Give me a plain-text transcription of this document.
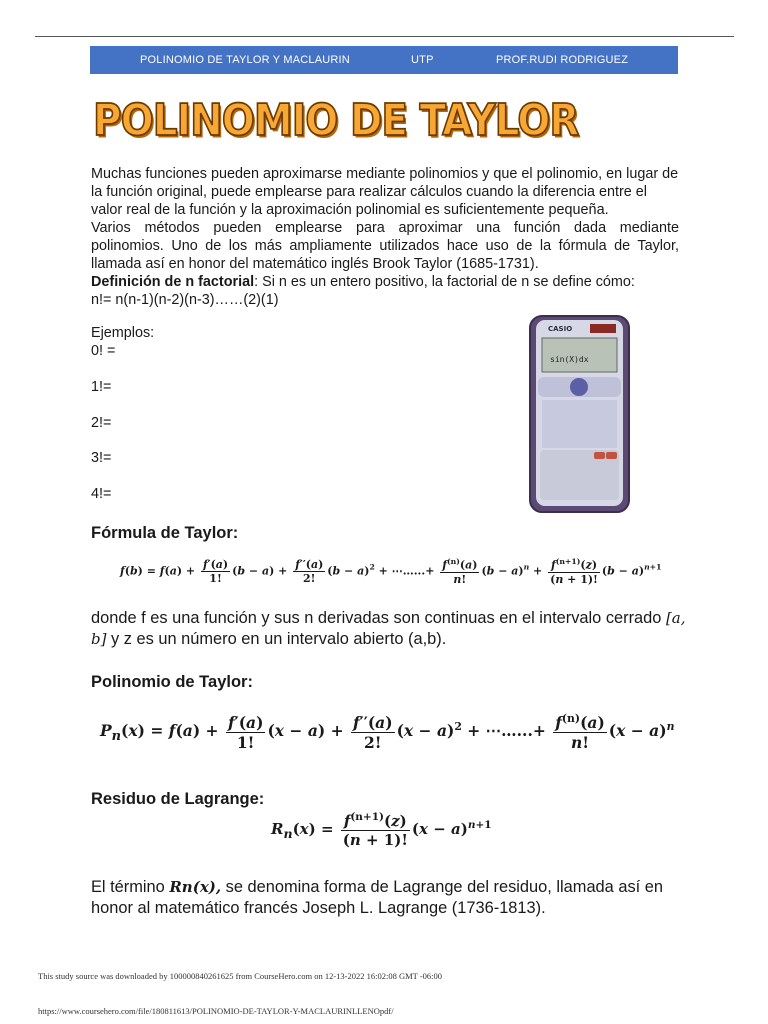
POLINOMIO DE TAYLOR Y MACLAURIN	UTP	PROF.RUDI RODRIGUEZ
POLINOMIO DE TAYLOR
Muchas funciones pueden aproximarse mediante polinomios y que el polinomio, en lugar de la función original, puede emplearse para realizar cálculos cuando la diferencia entre el valor real de la función y la aproximación polinomial es suficientemente pequeña.
Varios métodos pueden emplearse para aproximar una función dada mediante
polinomios. Uno de los más ampliamente utilizados hace uso de la fórmula de Taylor,
llamada así en honor del matemático inglés Brook Taylor (1685-1731).
Definición de n factorial: Si n es un entero positivo, la factorial de n se define cómo:
n!= n(n-1)(n-2)(n-3)……(2)(1)
Ejemplos:
0! =
1!=
2!=
3!=
4!=
CASIO
sin(X)dx
Fórmula de Taylor:
$f(b) = f(a) + \frac{f'(a)}{1!} (b - a) + \frac{f''(a)}{2!} (b - a)^2$ + ⋯…...+ $\frac{f^{(n)}(a)}{n!} (b - a)^n + \frac{f^{(n+1)}(z)}{(n + 1)!} (b - a)^{n+1}$
donde f es una función y sus n derivadas son continuas en el intervalo cerrado [a, b] y z es un número en un intervalo abierto (a,b).
Polinomio de Taylor:
$P_n(x) = f(a) + \frac{f'(a)}{1!} (x - a) + \frac{f''(a)}{2!} (x - a)^2$ + ⋯…...+ $\frac{f^{(n)}(a)}{n!} (x - a)^n$
Residuo de Lagrange:
$R_n(x) = \frac{f^{(n+1)}(z)}{(n + 1)!} (x - a)^{n+1}$
El término Rn(x), se denomina forma de Lagrange del residuo, llamada así en honor al matemático francés Joseph L. Lagrange (1736-1813).
This study source was downloaded by 100000840261625 from CourseHero.com on 12-13-2022 16:02:08 GMT -06:00
https://www.coursehero.com/file/180811613/POLINOMIO-DE-TAYLOR-Y-MACLAURINLLENOpdf/
